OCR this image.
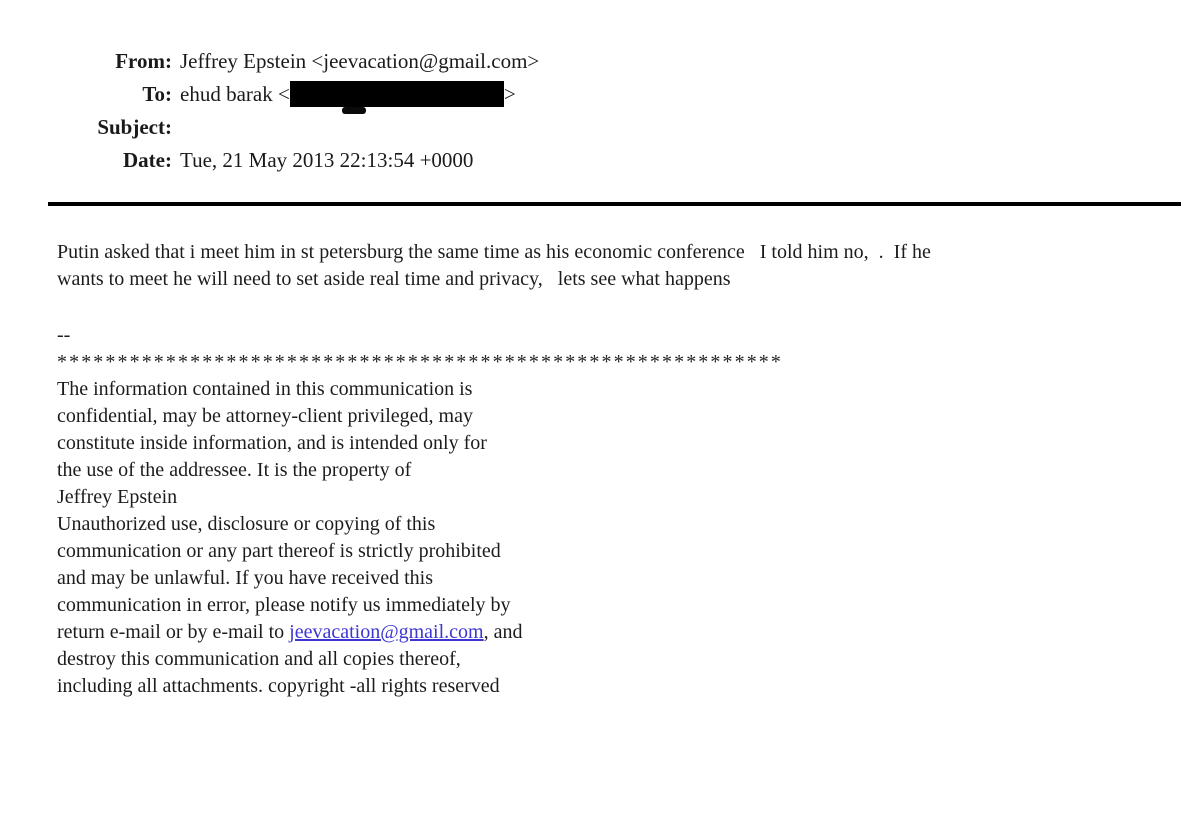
From: Jeffrey Epstein <jeevacation@gmail.com>
To: ehud barak <	>
Subject:
Date: Tue, 21 May 2013 22:13:54 +0000
Putin asked that i meet him in st petersburg the same time as his economic conference   I told him no,  .  If he
wants to meet he will need to set aside real time and privacy,   lets see what happens
--
************************************************************
The information contained in this communication is
confidential, may be attorney-client privileged, may
constitute inside information, and is intended only for
the use of the addressee. It is the property of
Jeffrey Epstein
Unauthorized use, disclosure or copying of this
communication or any part thereof is strictly prohibited
and may be unlawful. If you have received this
communication in error, please notify us immediately by
return e-mail or by e-mail to jeevacation@gmail.com, and
destroy this communication and all copies thereof,
including all attachments. copyright -all rights reserved
